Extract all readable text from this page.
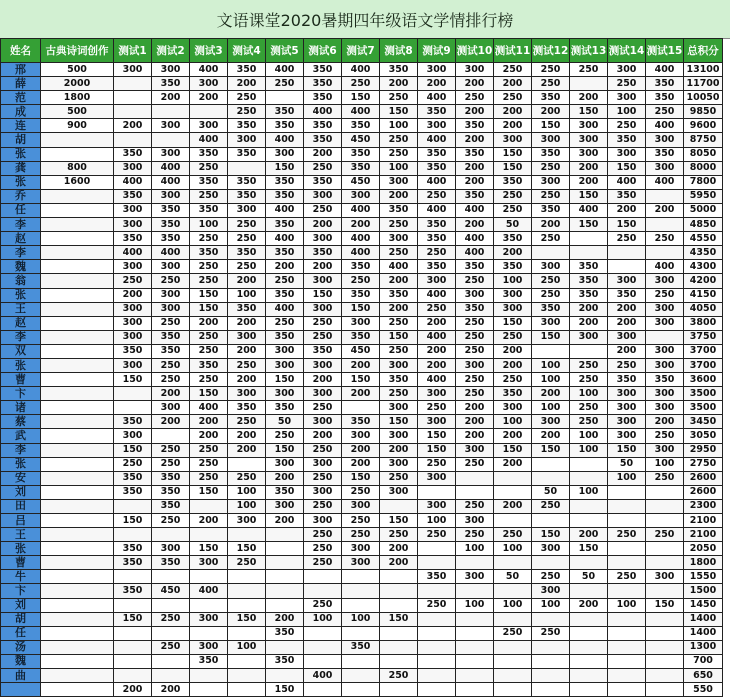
文语课堂2020暑期四年级语文学情排行榜
姓名	古典诗词创作	测试1	测试2	测试3	测试4	测试5	测试6	测试7	测试8	测试9	测试10	测试11	测试12	测试13	测试14	测试15	总积分
邢	500	300	300	400	350	400	350	400	350	300	300	250	250	250	300	400	13100
薛	2000		350	300	200	250	350	250	200	200	200	200	250		250	350	11700
范	1800		200	200	250		350	150	250	400	250	250	350	200	300	350	10050
成	500				250	350	400	400	150	350	200	200	200	150	100	250	9850
连	900	200	300	300	350	350	350	350	100	300	350	200	150	300	250	400	9600
胡				400	300	400	350	450	250	400	200	300	300	300	350	300	8750
张		350	300	350	350	300	200	350	250	350	350	150	350	300	300	350	8050
龚	800	300	400	250		150	250	350	100	350	200	150	250	200	150	300	8000
张	1600	400	400	350	350	350	350	450	300	400	200	350	300	200	400	400	7800
乔		350	300	250	350	350	300	300	200	250	350	250	250	150	350		5950
任		300	350	350	300	400	250	400	350	400	400	250	350	400	200	200	5000
李		300	350	100	250	350	200	200	250	350	200	50	200	150	150		4850
赵		350	350	250	250	400	300	400	300	350	400	350	250		250	250	4550
李		400	400	350	350	350	350	400	250	250	400	200					4350
魏		300	300	250	250	200	200	350	400	350	350	350	300	350		400	4300
翁		250	250	250	200	250	300	250	200	300	250	100	250	350	300	300	4200
张		200	300	150	100	350	150	350	350	400	300	300	250	350	350	250	4150
王		300	300	150	350	400	300	150	200	250	350	300	350	200	200	300	4050
赵		300	250	200	200	250	250	300	250	200	250	150	300	200	200	300	3800
李		300	350	250	300	350	250	350	150	400	250	250	150	300	300		3750
双		350	350	250	200	300	350	450	250	200	250	200			200	300	3700
张		300	250	350	250	300	300	200	300	200	300	200	100	250	250	300	3700
曹		150	250	250	200	150	200	150	350	400	250	250	100	250	350	350	3600
卞			200	150	300	300	300	200	250	300	250	350	200	100	300	300	3500
诸			300	400	350	350	250		300	250	200	300	100	250	300	300	3500
蔡		350	200	200	250	50	300	350	150	300	200	100	300	250	300	200	3450
武		300		200	200	250	200	300	300	150	200	200	200	100	300	250	3050
李		150	250	250	200	150	250	200	200	150	300	150	150	100	150	300	2950
张		250	250	250		300	300	200	300	250	250	200			50	100	2750
安		350	350	250	250	200	250	150	250	300					100	250	2600
刘		350	350	150	100	350	300	250	300				50	100			2600
田			350		100	300	250	300		300	250	200	250				2300
吕		150	250	200	300	200	300	250	150	100	300						2100
王							250	250	250	250	250	250	150	200	250	250	2100
张		350	300	150	150		250	300	200		100	100	300	150			2050
曹		350	350	300	250		250	300	200								1800
牛										350	300	50	250	50	250	300	1550
卞		350	450	400									300				1500
刘							250			250	100	100	100	200	100	150	1450
胡		150	250	300	150	200	100	100	150								1400
任						350						250	250				1400
汤			250	300	100			350									1300
魏				350		350											700
曲							400		250								650
		200	200			150											550
